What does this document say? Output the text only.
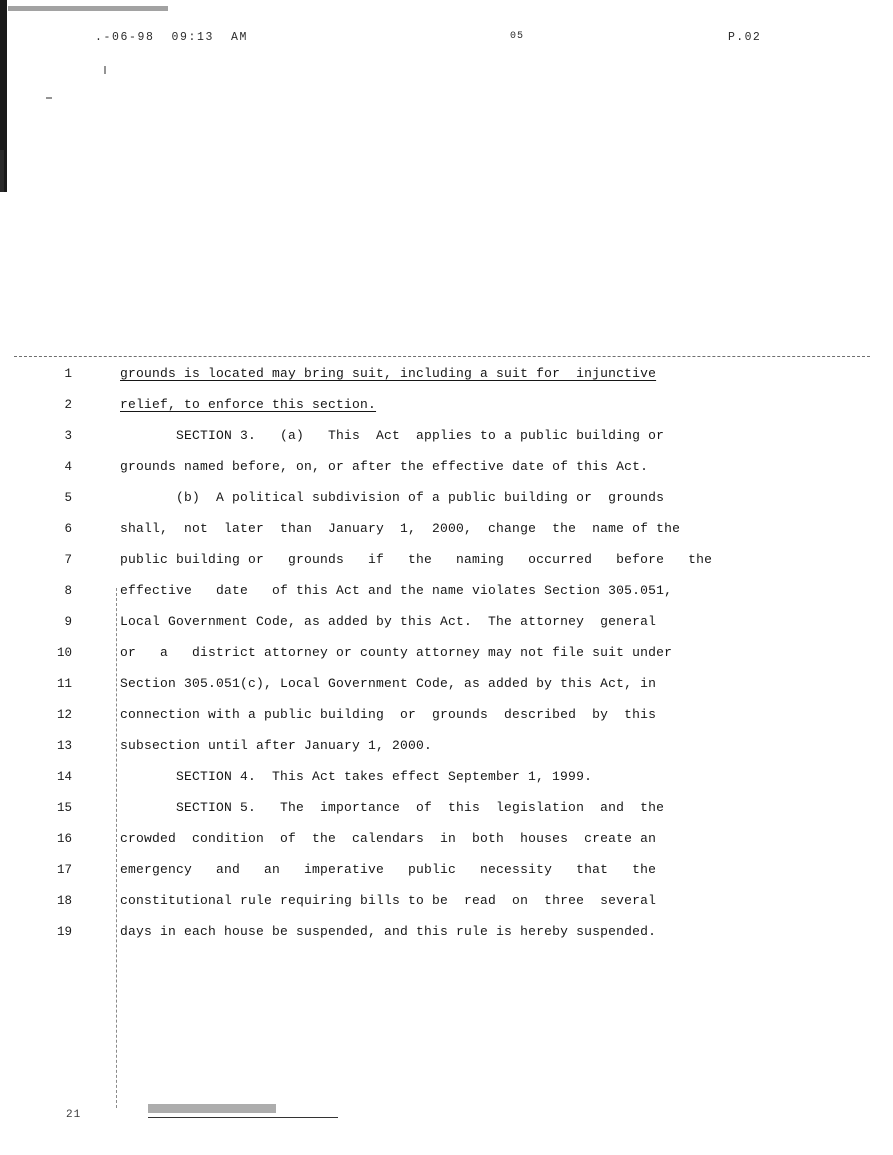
.-06-98  09:13  AM	05	P.02
1	grounds is located may bring suit, including a suit for  injunctive
2	relief, to enforce this section.
3	SECTION 3.   (a)   This  Act  applies to a public building or
4	grounds named before, on, or after the effective date of this Act.
5	(b)  A political subdivision of a public building or  grounds
6	shall,  not  later  than  January  1,  2000,  change  the  name of the
7	public building or   grounds   if   the   naming   occurred   before   the
8	effective   date   of this Act and the name violates Section 305.051,
9	Local Government Code, as added by this Act.  The attorney  general
10	or   a   district attorney or county attorney may not file suit under
11	Section 305.051(c), Local Government Code, as added by this Act, in
12	connection with a public building  or  grounds  described  by  this
13	subsection until after January 1, 2000.
14	SECTION 4.  This Act takes effect September 1, 1999.
15	SECTION 5.   The  importance  of  this  legislation  and  the
16	crowded  condition  of  the  calendars  in  both  houses  create an
17	emergency   and   an   imperative   public   necessity   that   the
18	constitutional rule requiring bills to be  read  on  three  several
19	days in each house be suspended, and this rule is hereby suspended.
21
